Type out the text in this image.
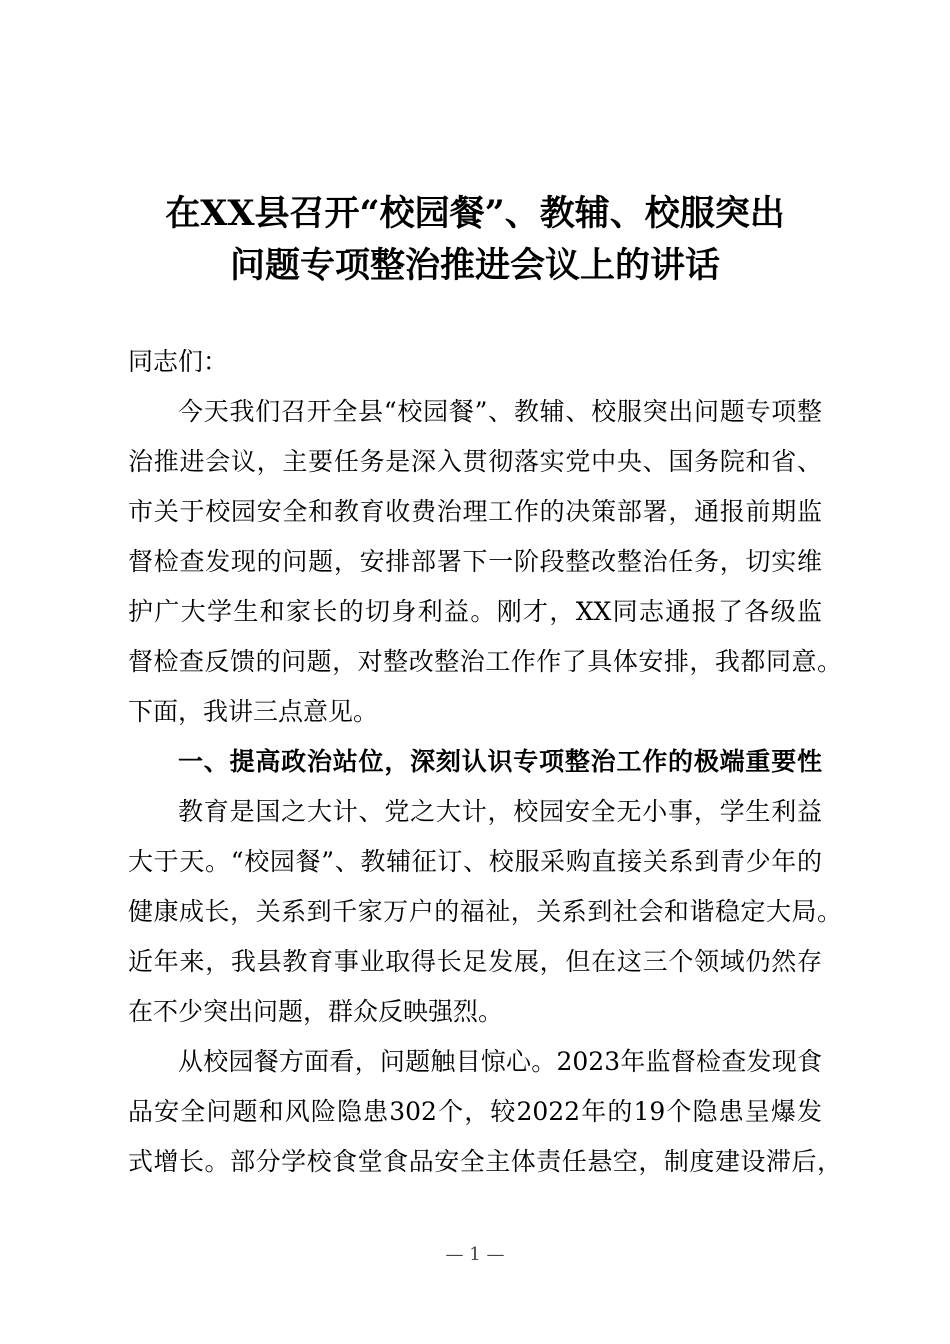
在XX县召开“校园餐”、教辅、校服突出
问题专项整治推进会议上的讲话
同志们：
今天我们召开全县“校园餐”、教辅、校服突出问题专项整
治推进会议，主要任务是深入贯彻落实党中央、国务院和省、
市关于校园安全和教育收费治理工作的决策部署，通报前期监
督检查发现的问题，安排部署下一阶段整改整治任务，切实维
护广大学生和家长的切身利益。刚才，XX同志通报了各级监
督检查反馈的问题，对整改整治工作作了具体安排，我都同意。
下面，我讲三点意见。
一、提高政治站位，深刻认识专项整治工作的极端重要性
教育是国之大计、党之大计，校园安全无小事，学生利益
大于天。“校园餐”、教辅征订、校服采购直接关系到青少年的
健康成长，关系到千家万户的福祉，关系到社会和谐稳定大局。
近年来，我县教育事业取得长足发展，但在这三个领域仍然存
在不少突出问题，群众反映强烈。
从校园餐方面看，问题触目惊心。2023年监督检查发现食
品安全问题和风险隐患302个，较2022年的19个隐患呈爆发
式增长。部分学校食堂食品安全主体责任悬空，制度建设滞后，
— 1 —
